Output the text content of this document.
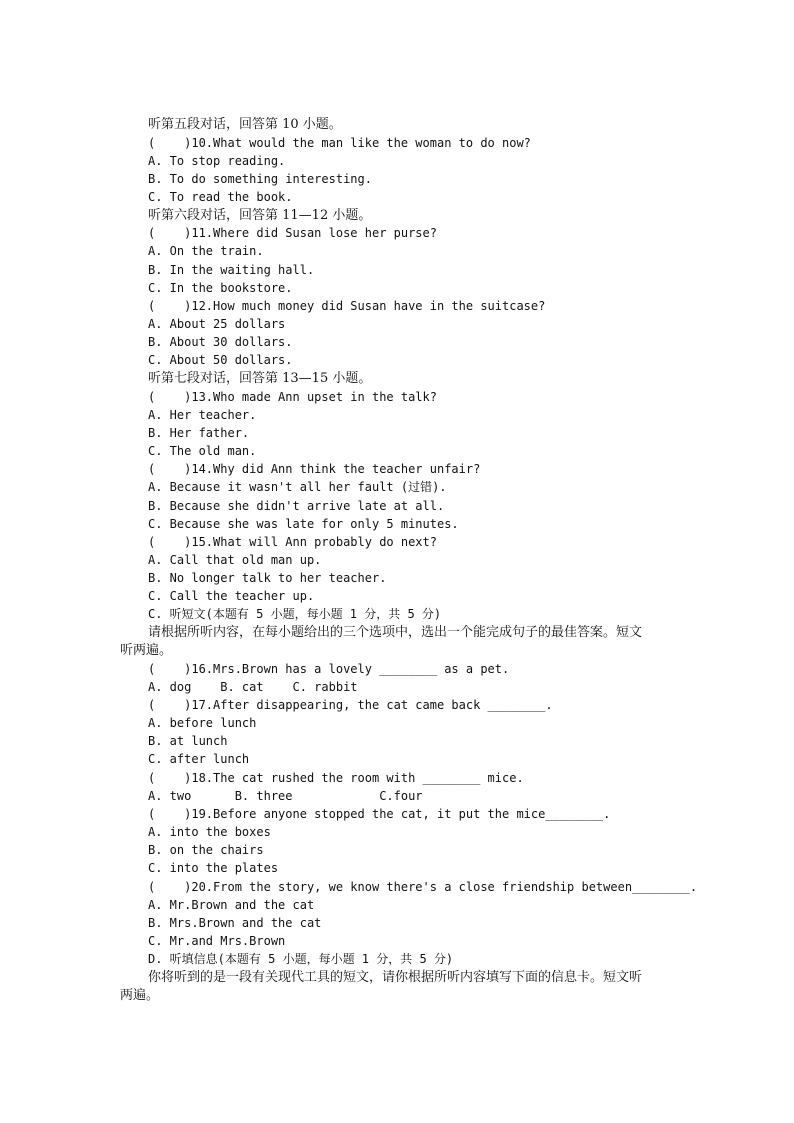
听第五段对话，回答第 10 小题。
(    )10.What would the man like the woman to do now?
A. To stop reading.
B. To do something interesting.
C. To read the book.
听第六段对话，回答第 11—12 小题。
(    )11.Where did Susan lose her purse?
A. On the train.
B. In the waiting hall.
C. In the bookstore.
(    )12.How much money did Susan have in the suitcase?
A. About 25 dollars
B. About 30 dollars.
C. About 50 dollars.
听第七段对话，回答第 13—15 小题。
(    )13.Who made Ann upset in the talk?
A. Her teacher.
B. Her father.
C. The old man.
(    )14.Why did Ann think the teacher unfair?
A. Because it wasn't all her fault (过错).
B. Because she didn't arrive late at all.
C. Because she was late for only 5 minutes.
(    )15.What will Ann probably do next?
A. Call that old man up.
B. No longer talk to her teacher.
C. Call the teacher up.
C. 听短文(本题有 5 小题，每小题 1 分，共 5 分)
请根据所听内容，在每小题给出的三个选项中，选出一个能完成句子的最佳答案。短文
听两遍。
(    )16.Mrs.Brown has a lovely ________ as a pet.
A. dog    B. cat    C. rabbit
(    )17.After disappearing, the cat came back ________.
A. before lunch
B. at lunch
C. after lunch
(    )18.The cat rushed the room with ________ mice.
A. two      B. three            C.four
(    )19.Before anyone stopped the cat, it put the mice________.
A. into the boxes
B. on the chairs
C. into the plates
(    )20.From the story, we know there's a close friendship between________.
A. Mr.Brown and the cat
B. Mrs.Brown and the cat
C. Mr.and Mrs.Brown
D. 听填信息(本题有 5 小题，每小题 1 分，共 5 分)
你将听到的是一段有关现代工具的短文，请你根据所听内容填写下面的信息卡。短文听
两遍。
